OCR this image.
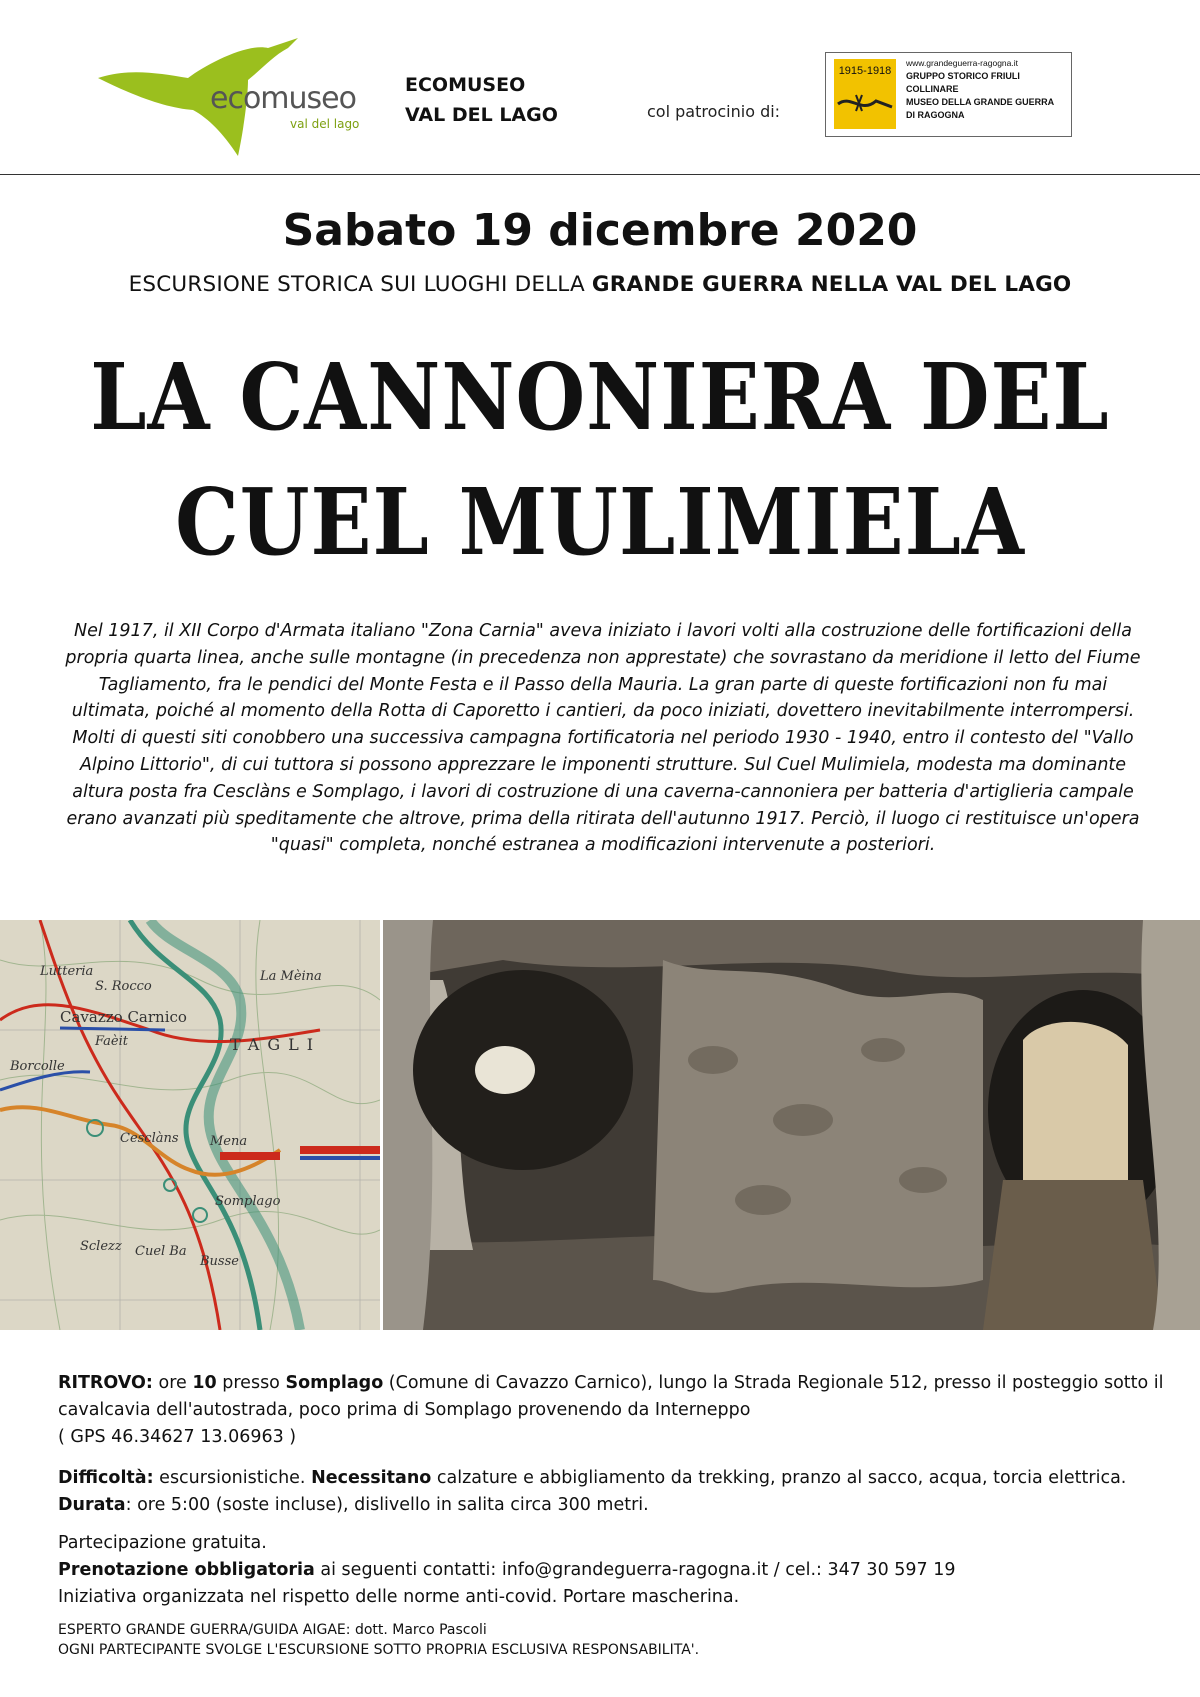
ecomuseo
val del lago
ECOMUSEO
VAL DEL LAGO	col patrocinio di:
1915-1918
www.grandeguerra-ragogna.it
GRUPPO STORICO FRIULI COLLINARE
MUSEO DELLA GRANDE GUERRA
DI RAGOGNA
Sabato 19 dicembre 2020
ESCURSIONE STORICA SUI LUOGHI DELLA GRANDE GUERRA NELLA VAL DEL LAGO
LA CANNONIERA DEL
CUEL MULIMIELA
Nel 1917, il XII Corpo d'Armata italiano "Zona Carnia" aveva iniziato i lavori volti alla costruzione delle fortificazioni della propria quarta linea, anche sulle montagne (in precedenza non apprestate) che sovrastano da meridione il letto del Fiume Tagliamento, fra le pendici del Monte Festa e il Passo della Mauria. La gran parte di queste fortificazioni non fu mai ultimata, poiché al momento della Rotta di Caporetto i cantieri, da poco iniziati, dovettero inevitabilmente interrompersi. Molti di questi siti conobbero una successiva campagna fortificatoria nel periodo 1930 - 1940, entro il contesto del "Vallo Alpino Littorio", di cui tuttora si possono apprezzare le imponenti strutture. Sul Cuel Mulimiela, modesta ma dominante altura posta fra Cesclàns e Somplago, i lavori di costruzione di una caverna-cannoniera per batteria d'artiglieria campale erano avanzati più speditamente che altrove, prima della ritirata dell'autunno 1917. Perciò, il luogo ci restituisce un'opera "quasi" completa, nonché estranea a modificazioni intervenute a posteriori.
Lutteria
S. Rocco
La Mèina
Cavazzo Carnico
Faèit
Borcolle
Cesclàns Mena
Somplago
Sclezz Cuel Ba
Busse
TAGLI
RITROVO: ore 10 presso Somplago (Comune di Cavazzo Carnico), lungo la Strada Regionale 512, presso il posteggio sotto il cavalcavia dell'autostrada, poco prima di Somplago provenendo da Interneppo
( GPS 46.34627 13.06963 )
Difficoltà: escursionistiche. Necessitano calzature e abbigliamento da trekking, pranzo al sacco, acqua, torcia elettrica. Durata: ore 5:00 (soste incluse), dislivello in salita circa 300 metri.
Partecipazione gratuita.
Prenotazione obbligatoria ai seguenti contatti: info@grandeguerra-ragogna.it / cel.: 347 30 597 19
Iniziativa organizzata nel rispetto delle norme anti-covid. Portare mascherina.
ESPERTO GRANDE GUERRA/GUIDA AIGAE: dott. Marco Pascoli
OGNI PARTECIPANTE SVOLGE L'ESCURSIONE SOTTO PROPRIA ESCLUSIVA RESPONSABILITA'.
